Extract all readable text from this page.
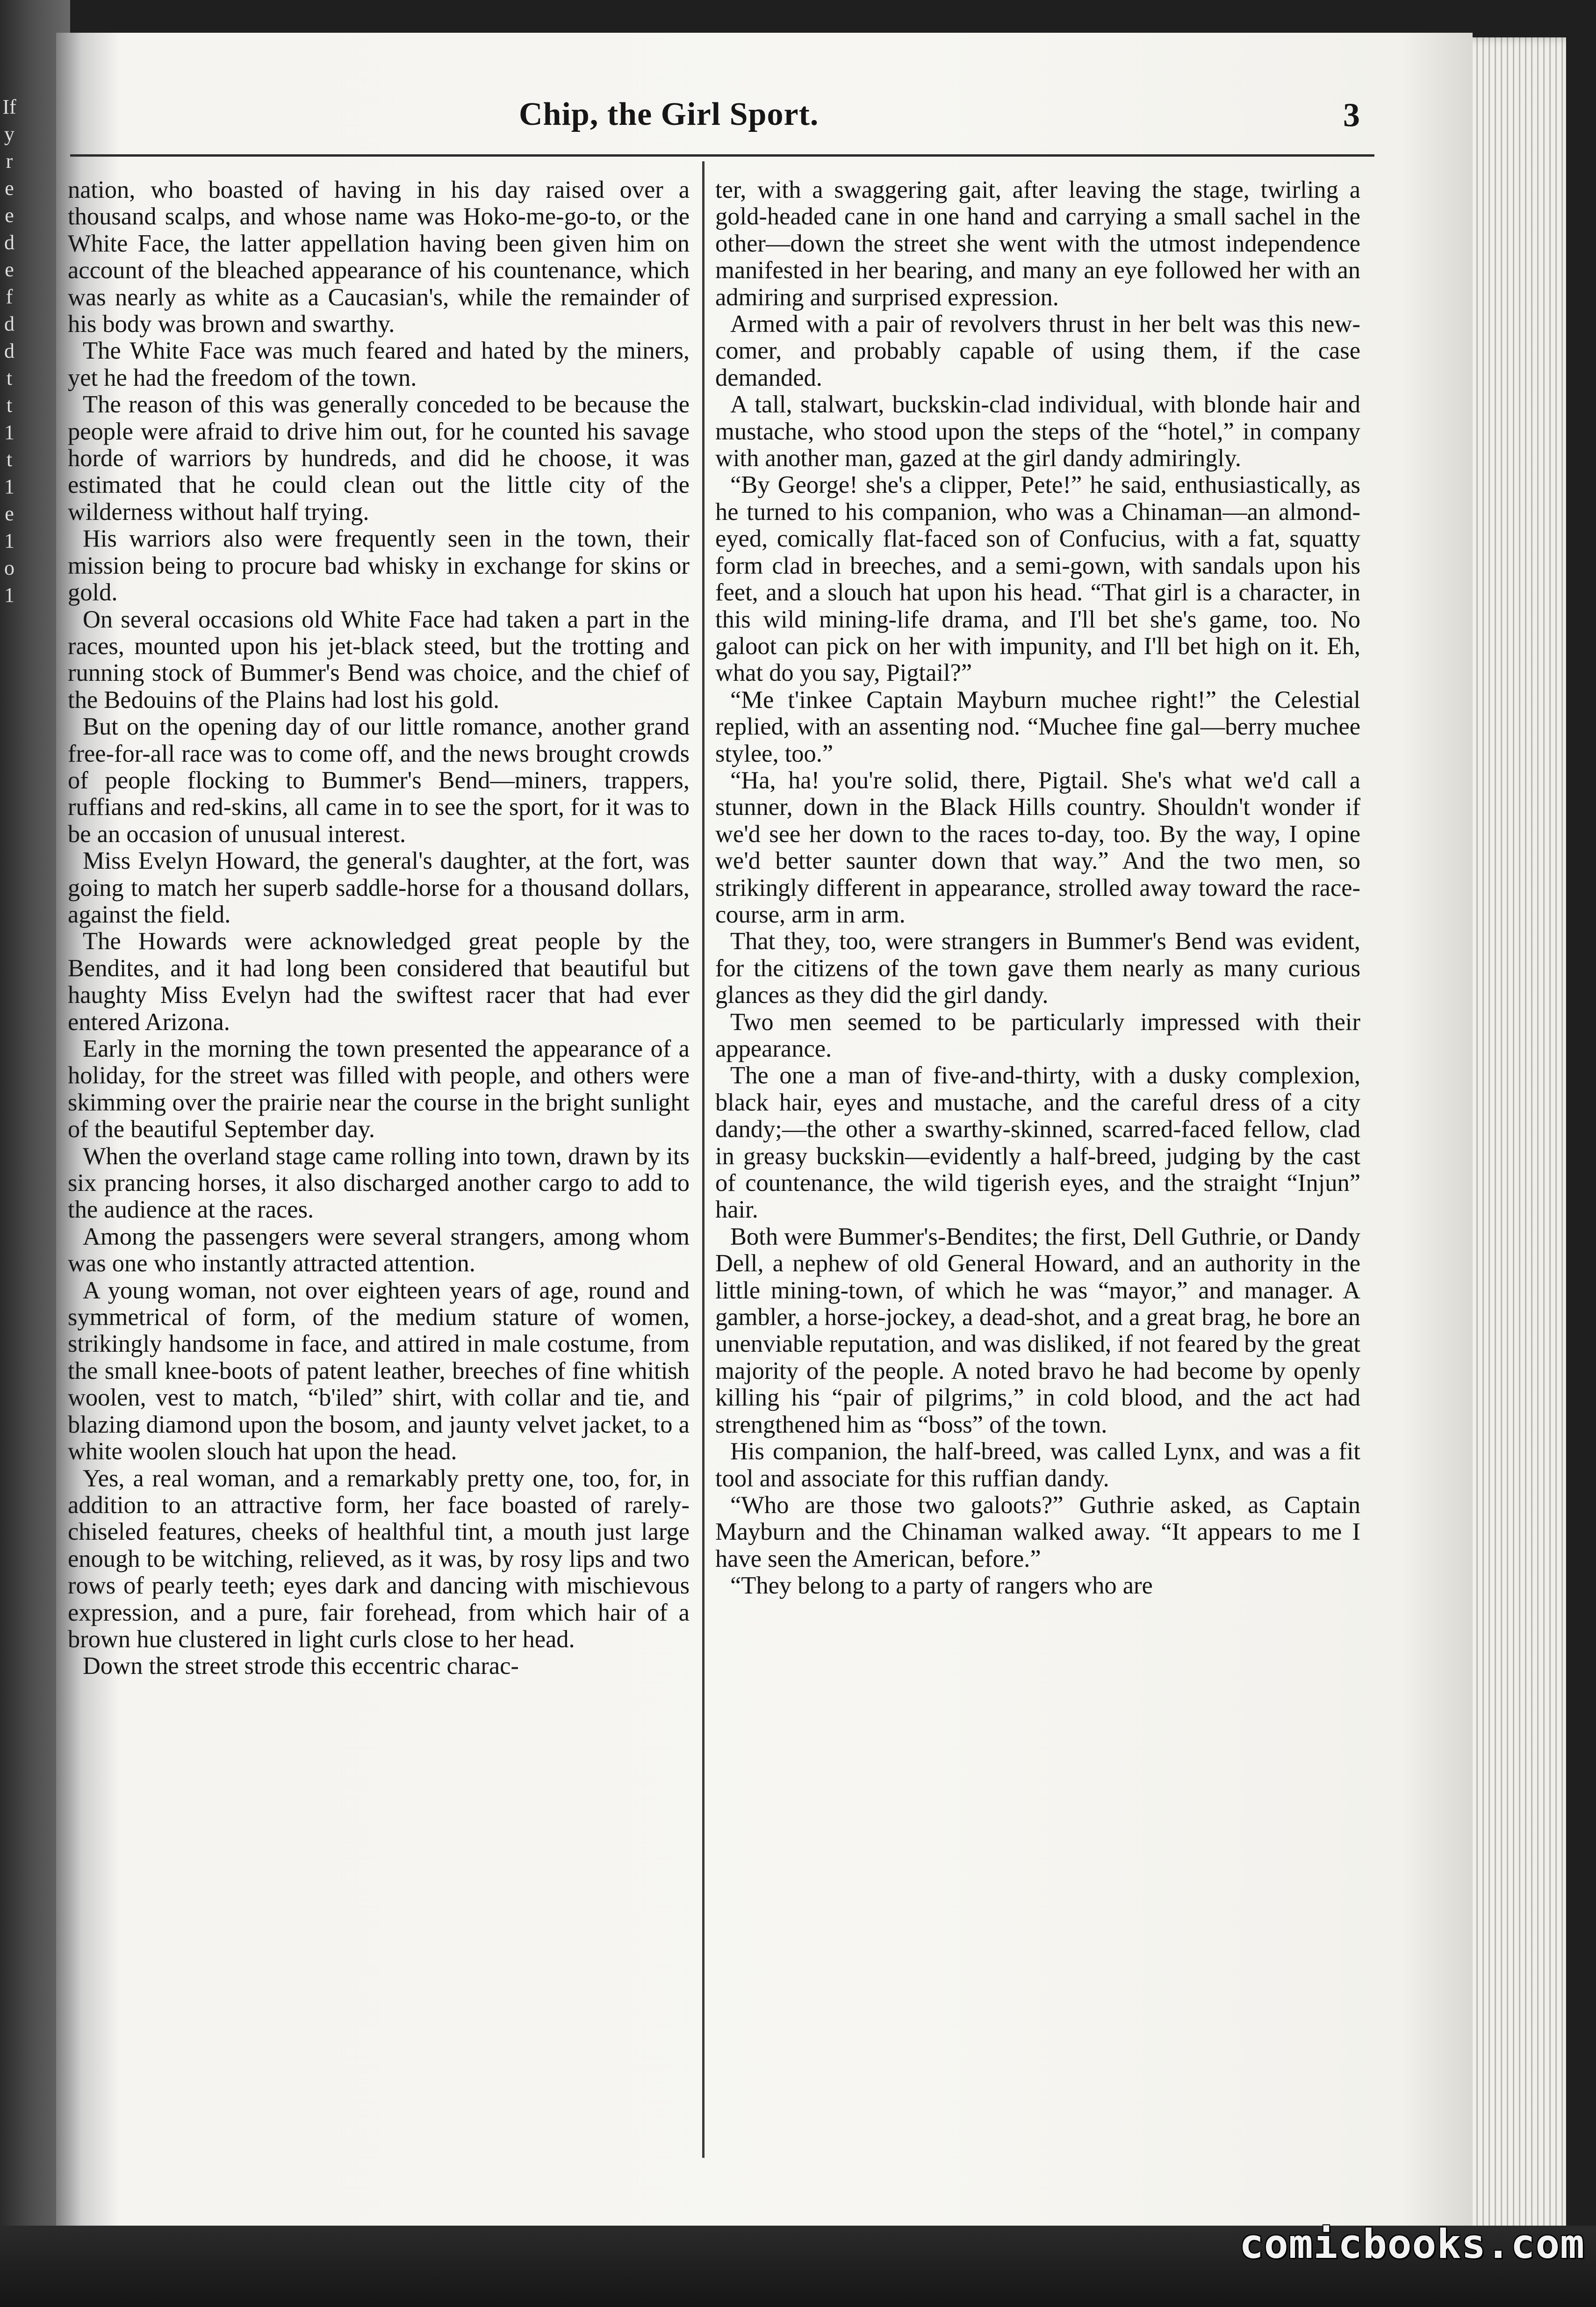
If
y
r
e
e
d
e
f
d
d
t
t
1
t
1
e
1
o
1
Chip, the Girl Sport.	3

nation, who boasted of having in his day raised over a thousand scalps, and whose name was Hoko-me-go-to, or the White Face, the latter appellation having been given him on account of the bleached appearance of his countenance, which was nearly as white as a Caucasian's, while the remainder of his body was brown and swarthy.

The White Face was much feared and hated by the miners, yet he had the freedom of the town.

The reason of this was generally conceded to be because the people were afraid to drive him out, for he counted his savage horde of warriors by hundreds, and did he choose, it was estimated that he could clean out the little city of the wilderness without half trying.

His warriors also were frequently seen in the town, their mission being to procure bad whisky in exchange for skins or gold.

On several occasions old White Face had taken a part in the races, mounted upon his jet-black steed, but the trotting and running stock of Bummer's Bend was choice, and the chief of the Bedouins of the Plains had lost his gold.

But on the opening day of our little romance, another grand free-for-all race was to come off, and the news brought crowds of people flocking to Bummer's Bend—miners, trappers, ruffians and red-skins, all came in to see the sport, for it was to be an occasion of unusual interest.

Miss Evelyn Howard, the general's daughter, at the fort, was going to match her superb saddle-horse for a thousand dollars, against the field.

The Howards were acknowledged great people by the Bendites, and it had long been considered that beautiful but haughty Miss Evelyn had the swiftest racer that had ever entered Arizona.

Early in the morning the town presented the appearance of a holiday, for the street was filled with people, and others were skimming over the prairie near the course in the bright sunlight of the beautiful September day.

When the overland stage came rolling into town, drawn by its six prancing horses, it also discharged another cargo to add to the audience at the races.

Among the passengers were several strangers, among whom was one who instantly attracted attention.

A young woman, not over eighteen years of age, round and symmetrical of form, of the medium stature of women, strikingly handsome in face, and attired in male costume, from the small knee-boots of patent leather, breeches of fine whitish woolen, vest to match, “b'iled” shirt, with collar and tie, and blazing diamond upon the bosom, and jaunty velvet jacket, to a white woolen slouch hat upon the head.

Yes, a real woman, and a remarkably pretty one, too, for, in addition to an attractive form, her face boasted of rarely-chiseled features, cheeks of healthful tint, a mouth just large enough to be witching, relieved, as it was, by rosy lips and two rows of pearly teeth; eyes dark and dancing with mischievous expression, and a pure, fair forehead, from which hair of a brown hue clustered in light curls close to her head.

Down the street strode this eccentric charac-

ter, with a swaggering gait, after leaving the stage, twirling a gold-headed cane in one hand and carrying a small sachel in the other—down the street she went with the utmost independence manifested in her bearing, and many an eye followed her with an admiring and surprised expression.

Armed with a pair of revolvers thrust in her belt was this new-comer, and probably capable of using them, if the case demanded.

A tall, stalwart, buckskin-clad individual, with blonde hair and mustache, who stood upon the steps of the “hotel,” in company with another man, gazed at the girl dandy admiringly.

“By George! she's a clipper, Pete!” he said, enthusiastically, as he turned to his companion, who was a Chinaman—an almond-eyed, comically flat-faced son of Confucius, with a fat, squatty form clad in breeches, and a semi-gown, with sandals upon his feet, and a slouch hat upon his head. “That girl is a character, in this wild mining-life drama, and I'll bet she's game, too. No galoot can pick on her with impunity, and I'll bet high on it. Eh, what do you say, Pigtail?”

“Me t'inkee Captain Mayburn muchee right!” the Celestial replied, with an assenting nod. “Muchee fine gal—berry muchee stylee, too.”

“Ha, ha! you're solid, there, Pigtail. She's what we'd call a stunner, down in the Black Hills country. Shouldn't wonder if we'd see her down to the races to-day, too. By the way, I opine we'd better saunter down that way.” And the two men, so strikingly different in appearance, strolled away toward the race-course, arm in arm.

That they, too, were strangers in Bummer's Bend was evident, for the citizens of the town gave them nearly as many curious glances as they did the girl dandy.

Two men seemed to be particularly impressed with their appearance.

The one a man of five-and-thirty, with a dusky complexion, black hair, eyes and mustache, and the careful dress of a city dandy;—the other a swarthy-skinned, scarred-faced fellow, clad in greasy buckskin—evidently a half-breed, judging by the cast of countenance, the wild tigerish eyes, and the straight “Injun” hair.

Both were Bummer's-Bendites; the first, Dell Guthrie, or Dandy Dell, a nephew of old General Howard, and an authority in the little mining-town, of which he was “mayor,” and manager. A gambler, a horse-jockey, a dead-shot, and a great brag, he bore an unenviable reputation, and was disliked, if not feared by the great majority of the people. A noted bravo he had become by openly killing his “pair of pilgrims,” in cold blood, and the act had strengthened him as “boss” of the town.

His companion, the half-breed, was called Lynx, and was a fit tool and associate for this ruffian dandy.

“Who are those two galoots?” Guthrie asked, as Captain Mayburn and the Chinaman walked away. “It appears to me I have seen the American, before.”

“They belong to a party of rangers who are

comicbooks.com
